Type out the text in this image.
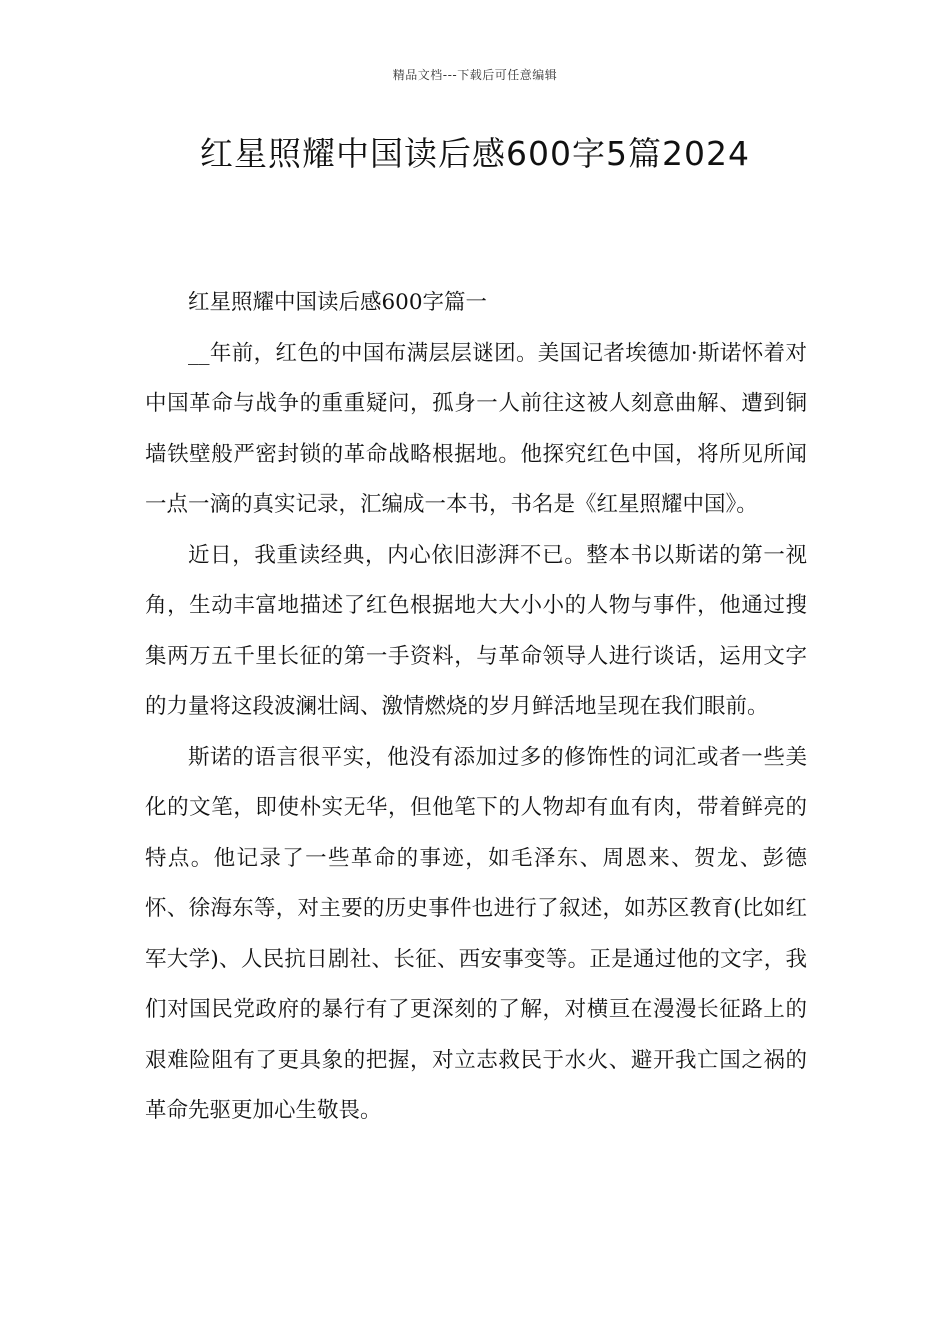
精品文档---下载后可任意编辑
红星照耀中国读后感600字5篇2024

红星照耀中国读后感600字篇一

__年前，红色的中国布满层层谜团。美国记者埃德加·斯诺怀着对中国革命与战争的重重疑问，孤身一人前往这被人刻意曲解、遭到铜墙铁壁般严密封锁的革命战略根据地。他探究红色中国，将所见所闻一点一滴的真实记录，汇编成一本书，书名是《红星照耀中国》。

近日，我重读经典，内心依旧澎湃不已。整本书以斯诺的第一视角，生动丰富地描述了红色根据地大大小小的人物与事件，他通过搜集两万五千里长征的第一手资料，与革命领导人进行谈话，运用文字的力量将这段波澜壮阔、激情燃烧的岁月鲜活地呈现在我们眼前。

斯诺的语言很平实，他没有添加过多的修饰性的词汇或者一些美化的文笔，即使朴实无华，但他笔下的人物却有血有肉，带着鲜亮的特点。他记录了一些革命的事迹，如毛泽东、周恩来、贺龙、彭德怀、徐海东等，对主要的历史事件也进行了叙述，如苏区教育(比如红军大学)、人民抗日剧社、长征、西安事变等。正是通过他的文字，我们对国民党政府的暴行有了更深刻的了解，对横亘在漫漫长征路上的艰难险阻有了更具象的把握，对立志救民于水火、避开我亡国之祸的革命先驱更加心生敬畏。
